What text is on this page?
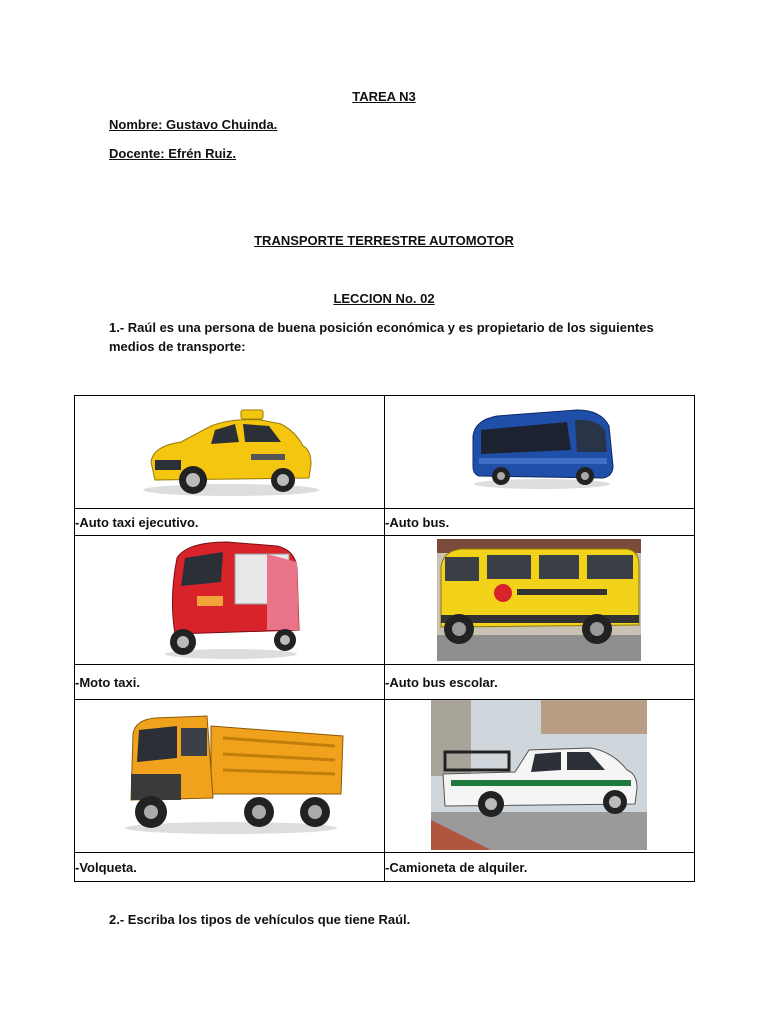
TAREA N3
Nombre: Gustavo Chuinda.
Docente: Efrén Ruiz.
TRANSPORTE TERRESTRE AUTOMOTOR
LECCION No. 02
1.- Raúl es una persona de buena posición económica y es propietario de los siguientes medios de transporte:

-Auto taxi ejecutivo.	-Auto bus.

-Moto taxi.	-Auto bus escolar.

-Volqueta.	-Camioneta de alquiler.
2.- Escriba los tipos de vehículos que tiene Raúl.
